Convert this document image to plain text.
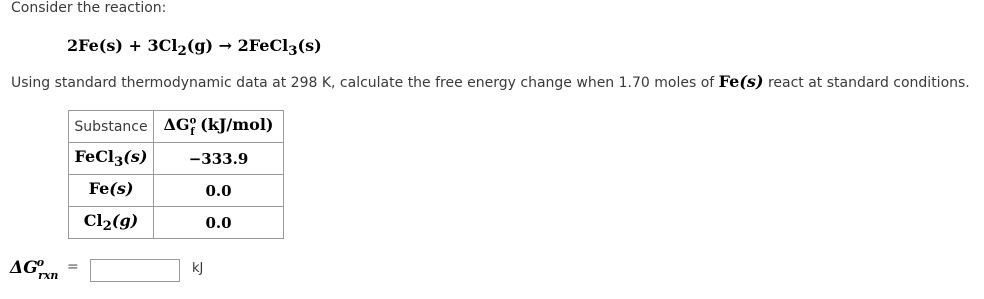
Consider the reaction:
$2Fe(s) + 3Cl_2(g)$ → 2FeCl$_3$(s)
Using standard thermodynamic data at 298 K, calculate the free energy change when 1.70 moles of Fe(s) react at standard conditions.
Substance	$\Delta G^o_f$ (kJ/mol)
FeCl$_3$(s)	−333.9
Fe(s)	0.0
$Cl_2(g)$	0.0
$\Delta G^o_{rxn}$
=	kJ
